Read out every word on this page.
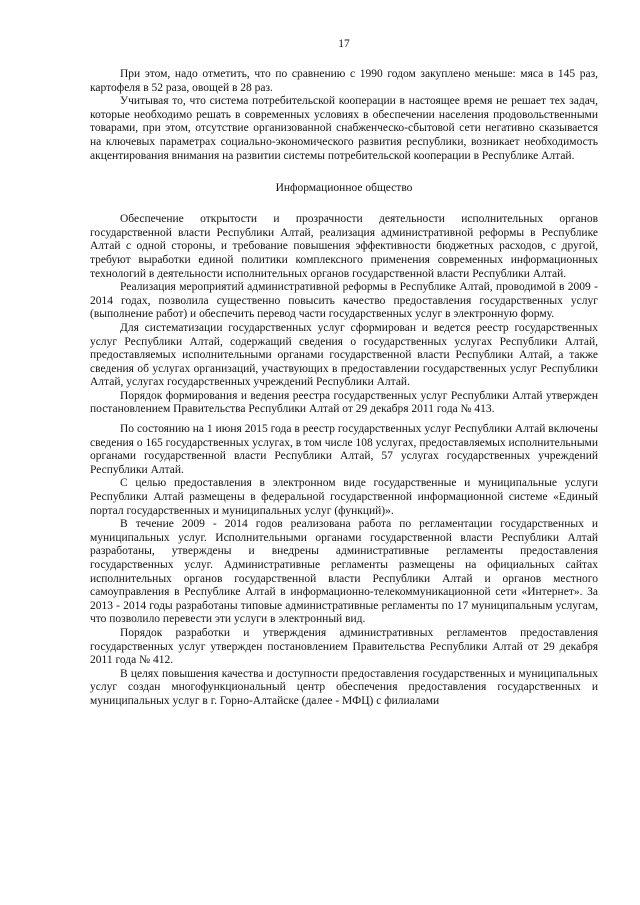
17

При этом, надо отметить, что по сравнению с 1990 годом закуплено меньше: мяса в 145 раз, картофеля в 52 раза, овощей в 28 раз.

Учитывая то, что система потребительской кооперации в настоящее время не решает тех задач, которые необходимо решать в современных условиях в обеспечении населения продовольственными товарами, при этом, отсутствие организованной снабженческо-сбытовой сети негативно сказывается на ключевых параметрах социально-экономического развития республики, возникает необходимость акцентирования внимания на развитии системы потребительской кооперации в Республике Алтай.

Информационное общество

Обеспечение открытости и прозрачности деятельности исполнительных органов государственной власти Республики Алтай, реализация административной реформы в Республике Алтай с одной стороны, и требование повышения эффективности бюджетных расходов, с другой, требуют выработки единой политики комплексного применения современных информационных технологий в деятельности исполнительных органов государственной власти Республики Алтай.

Реализация мероприятий административной реформы в Республике Алтай, проводимой в 2009 - 2014 годах, позволила существенно повысить качество предоставления государственных услуг (выполнение работ) и обеспечить перевод части государственных услуг в электронную форму.

Для систематизации государственных услуг сформирован и ведется реестр государственных услуг Республики Алтай, содержащий сведения о государственных услугах Республики Алтай, предоставляемых исполнительными органами государственной власти Республики Алтай, а также сведения об услугах организаций, участвующих в предоставлении государственных услуг Республики Алтай, услугах государственных учреждений Республики Алтай.

Порядок формирования и ведения реестра государственных услуг Республики Алтай утвержден постановлением Правительства Республики Алтай от 29 декабря 2011 года № 413.

По состоянию на 1 июня 2015 года в реестр государственных услуг Республики Алтай включены сведения о 165 государственных услугах, в том числе 108 услугах, предоставляемых исполнительными органами государственной власти Республики Алтай, 57 услугах государственных учреждений Республики Алтай.

С целью предоставления в электронном виде государственные и муниципальные услуги Республики Алтай размещены в федеральной государственной информационной системе «Единый портал государственных и муниципальных услуг (функций)».

В течение 2009 - 2014 годов реализована работа по регламентации государственных и муниципальных услуг. Исполнительными органами государственной власти Республики Алтай разработаны, утверждены и внедрены административные регламенты предоставления государственных услуг. Административные регламенты размещены на официальных сайтах исполнительных органов государственной власти Республики Алтай и органов местного самоуправления в Республике Алтай в информационно-телекоммуникационной сети «Интернет». За 2013 - 2014 годы разработаны типовые административные регламенты по 17 муниципальным услугам, что позволило перевести эти услуги в электронный вид.

Порядок разработки и утверждения административных регламентов предоставления государственных услуг утвержден постановлением Правительства Республики Алтай от 29 декабря 2011 года № 412.

В целях повышения качества и доступности предоставления государственных и муниципальных услуг создан многофункциональный центр обеспечения предоставления государственных и муниципальных услуг в г. Горно-Алтайске (далее - МФЦ) с филиалами
